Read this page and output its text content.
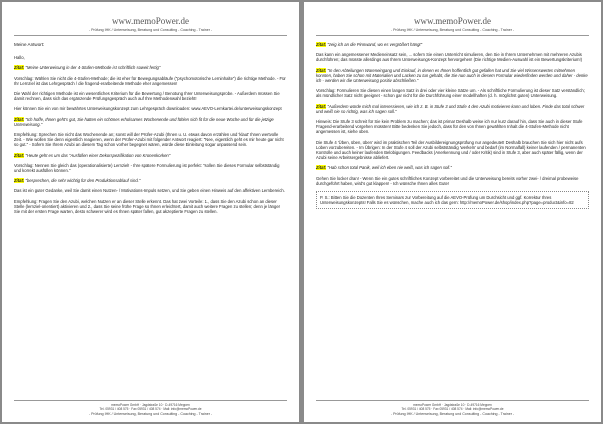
www.memoPower.de
- Prüfung IHK / Unterweisung, Beratung und Consulting - Coaching - Trainer -

Meine Antwort:

Hallo,

Zitat: "Meine Unterweisung in der 4-Stufen-Methode ist schriftlich soweit fertig"

Vorschlag: Wählen Sie nicht die 4-Stufen-Methode; die ist eher für Bewegungsabläufe ("psychomotorische Lerninhalte") die richtige Methode. - Für Ihr Lernziel ist das Lehrgespräch / die fragend-erarbeitende Methode eher angemessen!

Die Wahl der richtigen Methode ist ein wesentliches Kriterium für die Bewertung / Benotung Ihrer Unterweisungsprobe. - Außerdem müssen Sie damit rechnen, dass sich das ergänzende Prüfungsgespräch auch auf Ihre Methodenwahl bezieht!

Hier können Sie ein von mir bewährtes Unterweisungskonzept zum Lehrgespräch downloaden: www.AEVO-Lernkartei.de/unterweisungskonzept

Zitat: "Ich hoffe, Ihnen geht's gut, Sie hatten ein schönes erholsames Wochenende und fühlen sich fit für die neue Woche und für die jetzige Unterweisung."

Empfehlung: Sprechen Sie nicht das Wochenende an; sonst will der Prüfer-Azubi (Ihnen u. U. etwas davon erzählen und 'klaut' Ihnen wertvolle Zeit. - Wie wollen Sie denn eigentlich reagieren, wenn der Prüfer-Azubi mit folgender Antwort reagiert: "Nee, eigentlich geht es mir heute gar nicht so gut." - Sofern Sie Ihrem Azubi an diesem Tag schon vorher begegnet wären, würde diese Einleitung sogar unpassend sein.

Zitat: "Heute geht es um das "Ausfüllen einer Dekorspezifikation von Kronenkorken"

Vorschlag: Nennen Sie gleich das (operationalisierte) Lernziel! - Ihre spätere Formulierung ist perfekt: "sollen Sie dieses Formular selbstständig und korrekt ausfüllen können."

Zitat: "besprechen, die sehr wichtig für den Produktionsablauf sind."

Das ist ein guter Gedanke, weil Sie damit einen Nutzen- / Motivations-Impuls setzen, und Sie geben einen Hinweis auf den affektiven Lernbereich.

Empfehlung: Fragen Sie den Azubi, welchen Nutzen er an dieser Stelle erkennt. Das hat zwei Vorteile: 1., dass Sie den Azubi schon an dieser Stelle (lernziel-orientiert) aktivieren und 2., dass Sie seine frühe Frage so Ihnen erleichtert, damit auch weitere Fragen zu stellen; denn je länger Sie mit der ersten Frage warten, desto schwerer wird es Ihnen später fallen, gut akzeptierte Fragen zu stellen.

memoPower GmbH · Jagdstraße 10 · D-49716 Meppen
Tel. 05931 / 408 575 · Fax 05931 / 408 574 · Mail: info@memoPower.de
- Prüfung IHK / Unterweisung, Beratung und Consulting - Coaching - Trainer -
www.memoPower.de
- Prüfung IHK / Unterweisung, Beratung und Consulting - Coaching - Trainer -

Zitat: "zeig ich an die Pinnwand, wo es vergrößert hängt"

Das kann ein angemessener Medieneinsatz sein, ... sofern Sie einen Unterricht simulieren, den Sie in Ihrem Unternehmen mit mehreren Azubis durchführen; das müsste allerdings aus Ihrem Unterweisungs-Konzept hervorgehen! (Die richtige Medien-Auswahl ist ein Bewertungskriterium!)

Zitat: "In den Abteilungen Wareneingang und Einkauf, in denen es Ihnen hoffentlich gut gefallen hat und Sie viel Wissenswertes mitnehmen konnten, haben Sie schon mit Materialien und Lacken zu tun gehabt, die Sie nun auch in diesem Formular wiederfinden werden und daher - denke ich - werden wir die Unterweisung positiv abschließen."

Vorschlag: Formulieren Sie diesen einen langen Satz in drei oder vier kleine Sätze um. - Als schriftliche Formulierung ist dieser Satz verständlich; als mündlicher Satz nicht geeignet - schon gar nicht für die Durchführung einer modellhaften (d. h. möglichst guten) Unterweisung.

Zitat: "Außerdem würde mich mal interessieren, wie ich z. B. in Stufe 3 und Stufe 4 den Azubi motivieren kann und loben. Finde das total schwer und weiß nie so richtig, was ich sagen soll."

Hinweis: Die Stufe 3 schreit für Sie kein Problem zu machen; das ist prima! Deshalb weise ich nur kurz darauf hin, dass Sie auch in dieser Stufe Fragend-erarbeitend vorgehen müssten! Bitte bedenken Sie jedoch, dass für den von Ihnen gewählten Inhalt die 4-Stufen-Methode nicht angemessen ist, siehe oben.

Die Stufe 4 'Üben, üben, üben' wird im praktischen Teil der Ausbildereignungsprüfung nur angedeutet! Deshalb brauchen Sie sich hier nicht aufs Loben vorzubereiten. - Im Übrigen: In der Stufe 4 soll der Azubi selbstständig 'werkeln' und bedarf (im Normalfall) keiner laufenden / permanenten Kontrolle und auch keiner laufenden Belobigungen. Feedbacks (Anerkennung und / oder Kritik) sind in Stufe 3, aber auch später fällig, wenn der Azubi seine Arbeitsergebnisse abliefert.

Zitat: "Hab schon total Panik, weil ich eben nie weiß, was ich sagen soll."

Gehen Sie locker dran! - Wenn Sie ein gutes schriftliches Konzept vorbereitet und die Unterweisung bereits vorher zwei- / dreimal probeweise durchgeführt haben, wird's gut klappen! - Ich wünsche Ihnen alles Gute!

P. S.: Bitten Sie die Dozenten Ihres Seminars zur Vorbereitung auf die AEVO-Prüfung um Durchsicht und ggf. Korrektur Ihres Unterweisungskonzepts! Falls Sie es wünschen, mache auch ich das gern: http://memoPower.de/shop/index.php?page=product&info=82

memoPower GmbH · Jagdstraße 10 · D-49716 Meppen
Tel. 05931 / 408 575 · Fax 05931 / 408 574 · Mail: info@memoPower.de
- Prüfung IHK / Unterweisung, Beratung und Consulting - Coaching - Trainer -
